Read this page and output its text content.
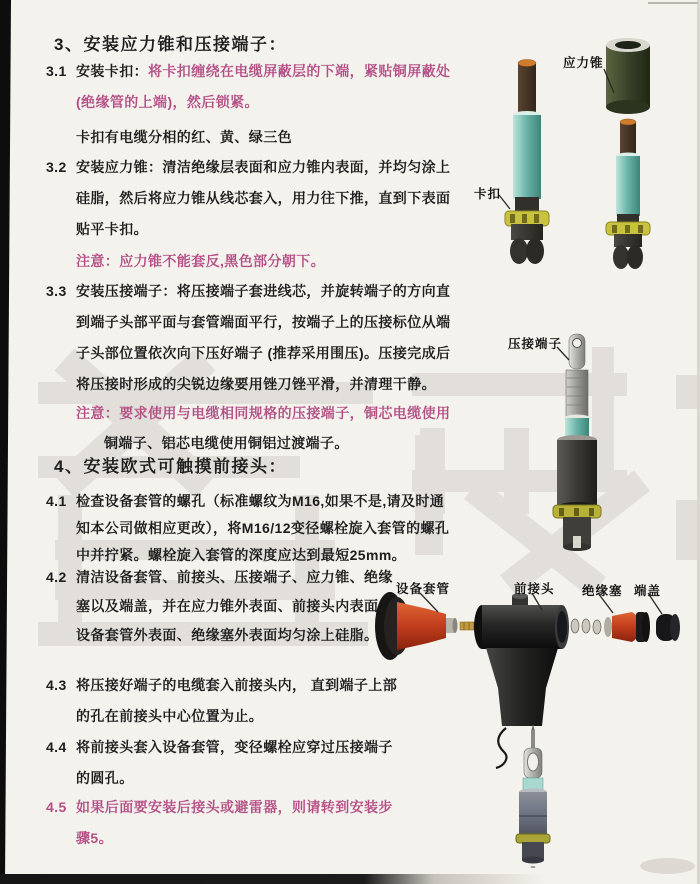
3、安装应力锥和压接端子：
3.1 安装卡扣：将卡扣缠绕在电缆屏蔽层的下端，紧贴铜屏蔽处(绝缘管的上端)，然后锁紧。
卡扣有电缆分相的红、黄、绿三色
3.2 安装应力锥：清洁绝缘层表面和应力锥内表面，并均匀涂上硅脂，然后将应力锥从线芯套入，用力往下推，直到下表面贴平卡扣。
注意：应力锥不能套反,黑色部分朝下。
3.3 安装压接端子：将压接端子套进线芯，并旋转端子的方向直到端子头部平面与套管端面平行，按端子上的压接标位从端子头部位置依次向下压好端子 (推荐采用围压)。压接完成后将压接时形成的尖锐边缘要用锉刀锉平滑，并清理干静。
注意：要求使用与电缆相同规格的压接端子，铜芯电缆使用
铜端子、铝芯电缆使用铜铝过渡端子。
4、安装欧式可触摸前接头：
4.1 检查设备套管的螺孔（标准螺纹为M16,如果不是,请及时通知本公司做相应更改），将M16/12变径螺栓旋入套管的螺孔中并拧紧。螺栓旋入套管的深度应达到最短25mm。
4.2 清洁设备套管、前接头、压接端子、应力锥、绝缘塞以及端盖，并在应力锥外表面、前接头内表面、设备套管外表面、绝缘塞外表面均匀涂上硅脂。
4.3 将压接好端子的电缆套入前接头内， 直到端子上部的孔在前接头中心位置为止。
4.4 将前接头套入设备套管，变径螺栓应穿过压接端子的圆孔。
4.5 如果后面要安装后接头或避雷器，则请转到安装步骤5。
应力锥
卡扣
压接端子
设备套管	前接头 绝缘塞 端盖
